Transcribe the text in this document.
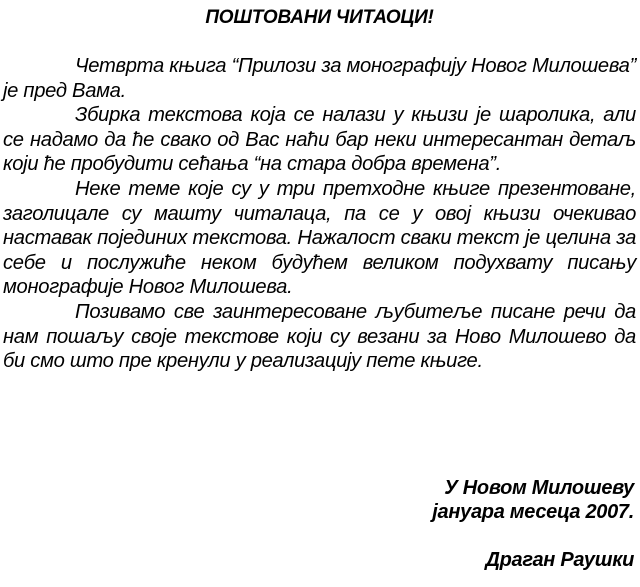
ПОШТОВАНИ ЧИТАОЦИ!

Четврта књига “Прилози за монографију Новог Милошева” је пред Вама.

Збирка текстова која се налази у књизи је шаролика, али се надамо да ће свако од Вас наћи бар неки интересантан детаљ који ће пробудити сећања “на стара добра времена”.

Неке теме које су у три претходне књиге презентоване, заголицале су машту читалаца, па се у овој књизи очекивао наставак појединих текстова. Нажалост сваки текст је целина за себе и послужиће неком будућем великом подухвату писању монографије Новог Милошева.

Позивамо све заинтересоване љубитеље писане речи да нам пошаљу своје текстове који су везани за Ново Милошево да би смо што пре кренули у реализацију пете књиге.

У Новом Милошеву
јануара месеца 2007.
Драган Раушки
